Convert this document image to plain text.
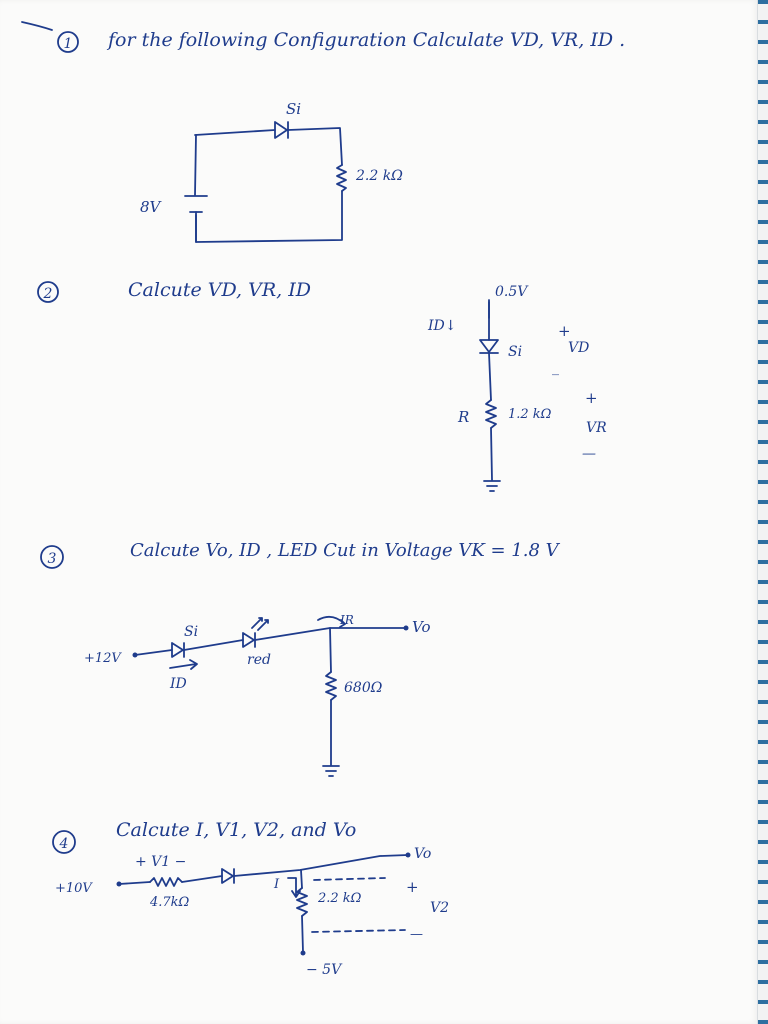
1 for the following Configuration Calculate VD, VR, ID .
Si
2.2 kΩ
8V
2	Calcute VD, VR, ID	0.5V
ID↓
Si
+
VD
_
R	1.2 kΩ
+
VR
—
3	Calcute Vo, ID , LED Cut in Voltage VK = 1.8 V
+12V
Si
ID
red
IR	Vo
680Ω
4
Calcute I, V1, V2, and Vo
+ V1 −
+10V
4.7kΩ
I
Vo
2.2 kΩ
+
V2
—
− 5V
